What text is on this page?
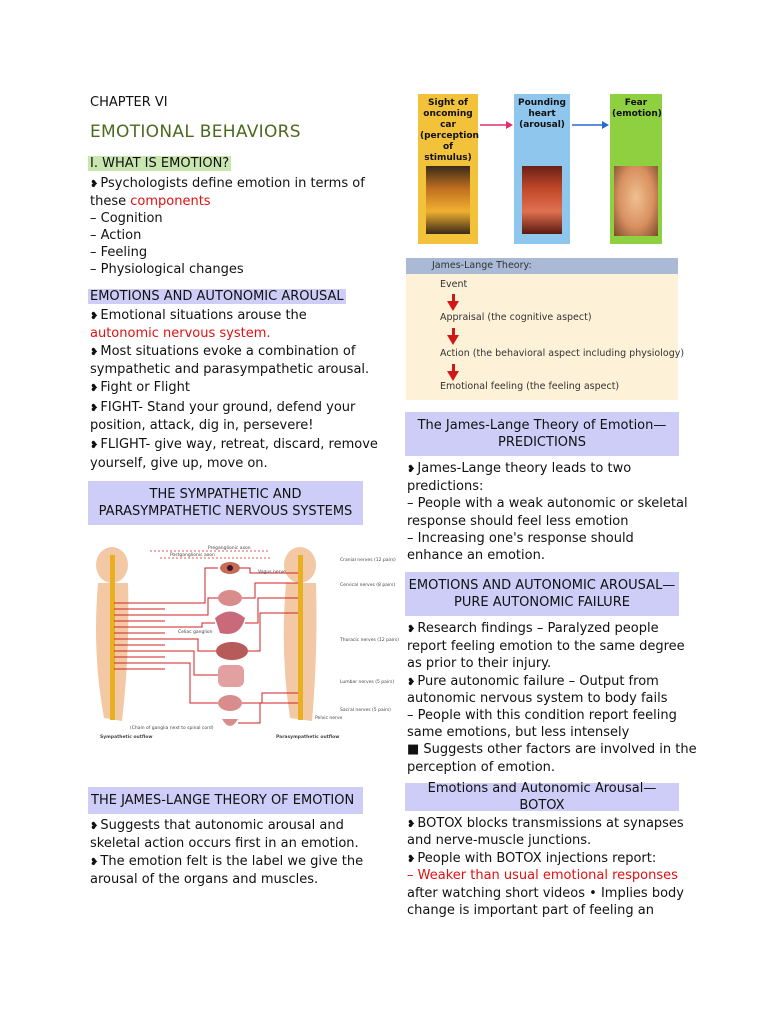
CHAPTER VI
EMOTIONAL BEHAVIORS
I. WHAT IS EMOTION?
❥ Psychologists define emotion in terms of
these components
– Cognition
– Action
– Feeling
– Physiological changes
EMOTIONS AND AUTONOMIC AROUSAL
❥ Emotional situations arouse the
autonomic nervous system.
❥ Most situations evoke a combination of
sympathetic and parasympathetic arousal.
❥ Fight or Flight
❥ FIGHT- Stand your ground, defend your
position, attack, dig in, persevere!
❥ FLIGHT- give way, retreat, discard, remove
yourself, give up, move on.
THE SYMPATHETIC AND
PARASYMPATHETIC NERVOUS SYSTEMS
Preganglionic axon
Postganglionic axon
Vagus nerve
Cranial nerves (12 pairs)
Cervical nerves (8 pairs)
Celiac ganglion
Thoracic nerves (12 pairs)
Lumbar nerves (5 pairs)
Sacral nerves (5 pairs)
Pelvic nerve
(Chain of ganglia next to spinal cord)
Sympathetic outflow	Parasympathetic outflow
THE JAMES-LANGE THEORY OF EMOTION
❥ Suggests that autonomic arousal and
skeletal action occurs first in an emotion.
❥ The emotion felt is the label we give the
arousal of the organs and muscles.
Sight of oncoming car (perception of stimulus)
Pounding heart (arousal)
Fear (emotion)
James-Lange Theory:
Event
Appraisal (the cognitive aspect)
Action (the behavioral aspect including physiology)
Emotional feeling (the feeling aspect)
The James-Lange Theory of Emotion—
PREDICTIONS
❥ James-Lange theory leads to two
predictions:
– People with a weak autonomic or skeletal
response should feel less emotion
– Increasing one's response should
enhance an emotion.
EMOTIONS AND AUTONOMIC AROUSAL—
PURE AUTONOMIC FAILURE
❥ Research findings – Paralyzed people
report feeling emotion to the same degree
as prior to their injury.
❥ Pure autonomic failure – Output from
autonomic nervous system to body fails
– People with this condition report feeling
same emotions, but less intensely
■ Suggests other factors are involved in the
perception of emotion.
Emotions and Autonomic Arousal— BOTOX
❥ BOTOX blocks transmissions at synapses
and nerve-muscle junctions.
❥ People with BOTOX injections report:
– Weaker than usual emotional responses
after watching short videos • Implies body
change is important part of feeling an
